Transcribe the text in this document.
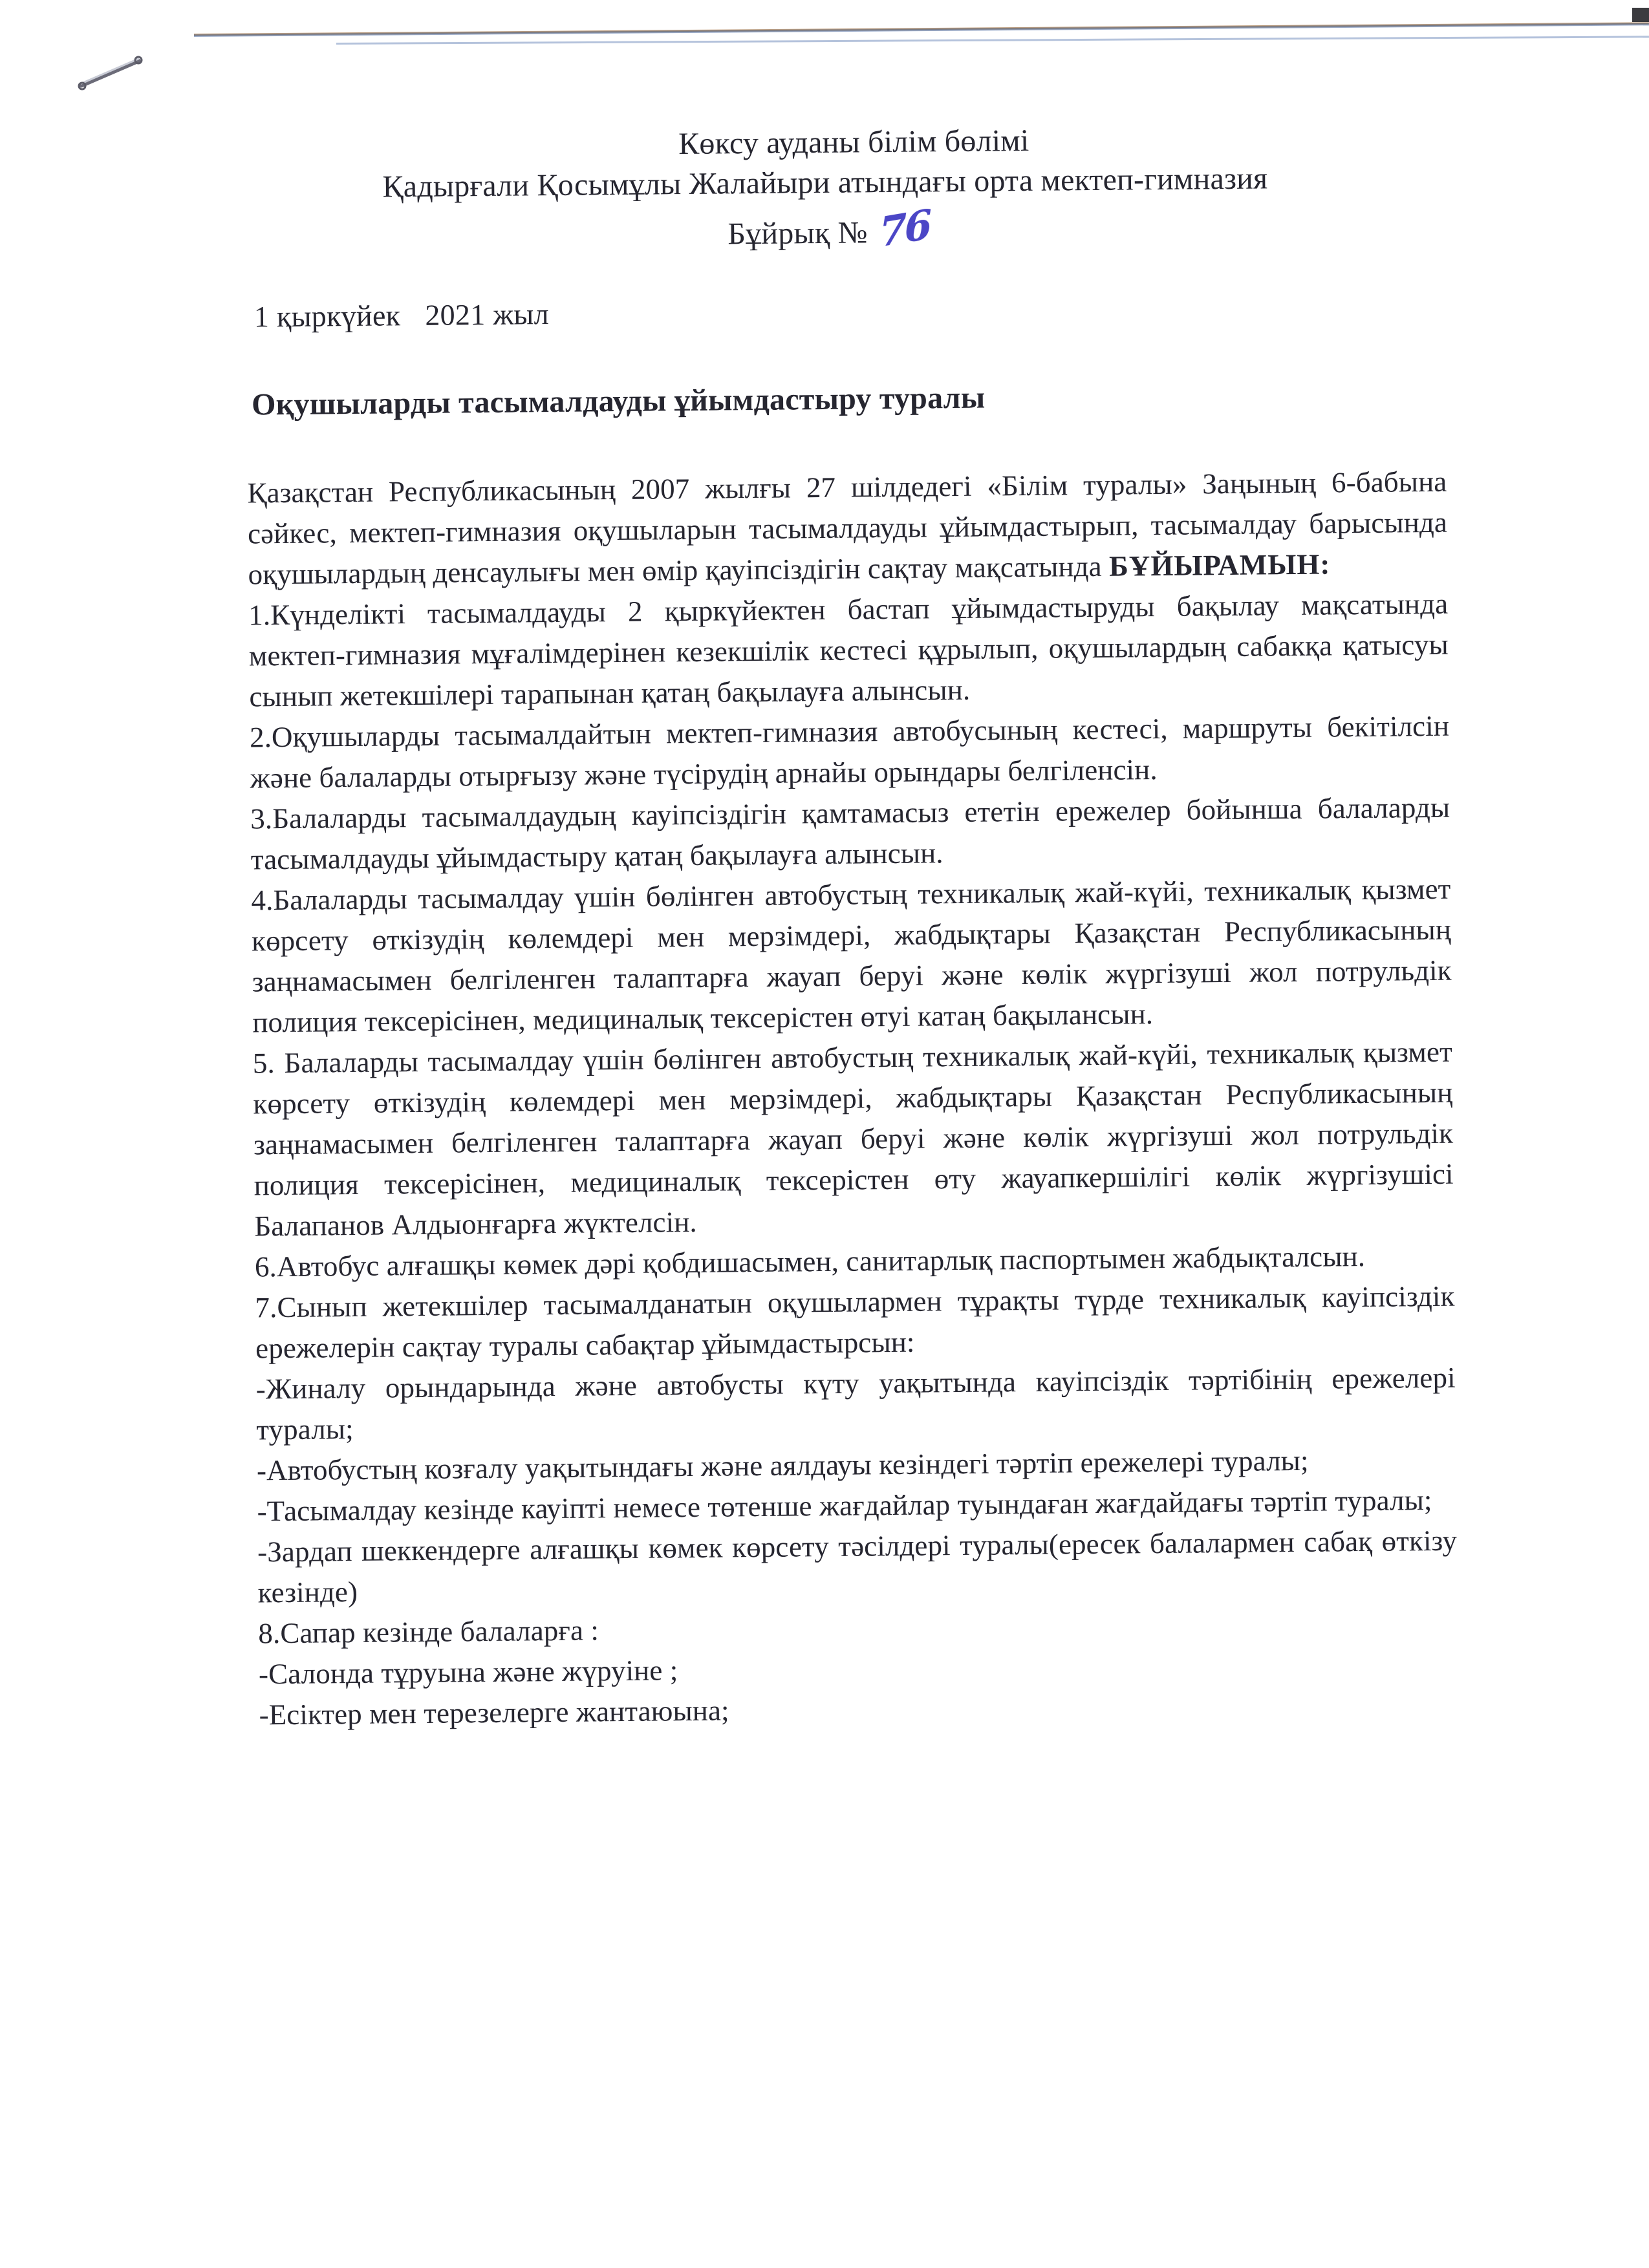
Көксу ауданы білім бөлімі
Қадырғали Қосымұлы Жалайыри атындағы орта мектеп-гимназия
Бұйрық № 76
1 қыркүйек 2021 жыл
Оқушыларды тасымалдауды ұйымдастыру туралы

Қазақстан Республикасының 2007 жылғы 27 шілдедегі «Білім туралы» Заңының 6-бабына сәйкес, мектеп-гимназия оқушыларын тасымалдауды ұйымдастырып, тасымалдау барысында оқушылардың денсаулығы мен өмір қауіпсіздігін сақтау мақсатында БҰЙЫРАМЫН:

1.Күнделікті тасымалдауды 2 қыркүйектен бастап ұйымдастыруды бақылау мақсатында мектеп-гимназия мұғалімдерінен кезекшілік кестесі құрылып, оқушылардың сабакқа қатысуы сынып жетекшілері тарапынан қатаң бақылауға алынсын.

2.Оқушыларды тасымалдайтын мектеп-гимназия автобусының кестесі, маршруты бекітілсін және балаларды отырғызу және түсірудің арнайы орындары белгіленсін.

3.Балаларды тасымалдаудың кауіпсіздігін қамтамасыз ететін ережелер бойынша балаларды тасымалдауды ұйымдастыру қатаң бақылауға алынсын.

4.Балаларды тасымалдау үшін бөлінген автобустың техникалық жай-күйі, техникалық қызмет көрсету өткізудің көлемдері мен мерзімдері, жабдықтары Қазақстан Республикасының заңнамасымен белгіленген талаптарға жауап беруі және көлік жүргізуші жол потрульдік полиция тексерісінен, медициналық тексерістен өтуі катаң бақылансын.

5. Балаларды тасымалдау үшін бөлінген автобустың техникалық жай-күйі, техникалық қызмет көрсету өткізудің көлемдері мен мерзімдері, жабдықтары Қазақстан Республикасының заңнамасымен белгіленген талаптарға жауап беруі және көлік жүргізуші жол потрульдік полиция тексерісінен, медициналық тексерістен өту жауапкершілігі көлік жүргізушісі Балапанов Алдыонғарға жүктелсін.

6.Автобус алғашқы көмек дәрі қобдишасымен, санитарлық паспортымен жабдықталсын.

7.Сынып жетекшілер тасымалданатын оқушылармен тұрақты түрде техникалық кауіпсіздік ережелерін сақтау туралы сабақтар ұйымдастырсын:

-Жиналу орындарында және автобусты күту уақытында кауіпсіздік тәртібінің ережелері туралы;

-Автобустың козғалу уақытындағы және аялдауы кезіндегі тәртіп ережелері туралы;

-Тасымалдау кезінде кауіпті немесе төтенше жағдайлар туындаған жағдайдағы тәртіп туралы;

-Зардап шеккендерге алғашқы көмек көрсету тәсілдері туралы(ересек балалармен сабақ өткізу кезінде)

8.Сапар кезінде балаларға :

-Салонда тұруына және жүруіне ;

-Есіктер мен терезелерге жантаюына;
